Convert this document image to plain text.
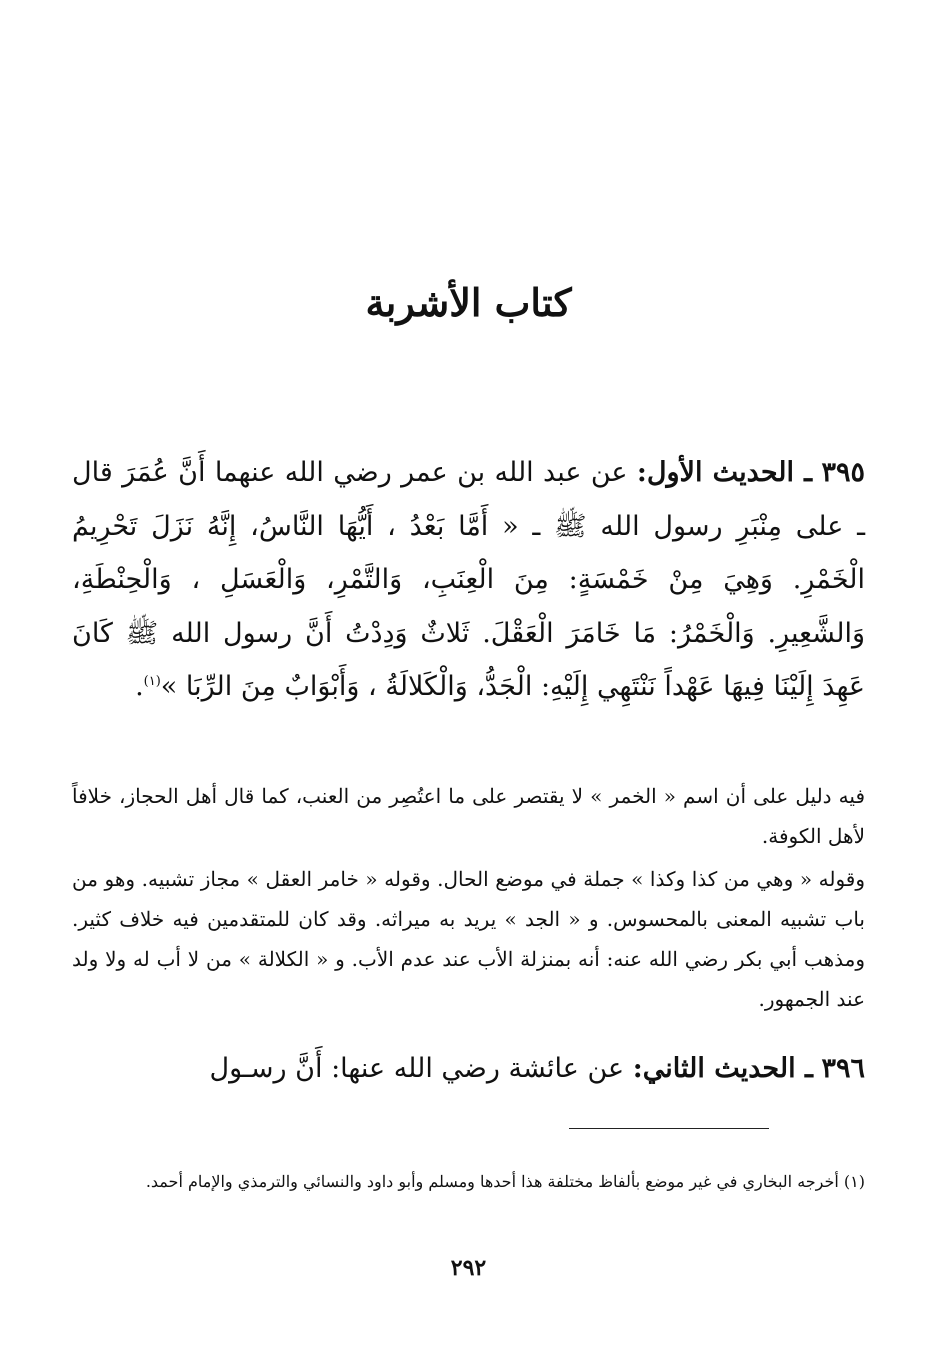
كتاب الأشربة

٣٩٥ ـ الحديث الأول: عن عبد الله بن عمر رضي الله عنهما أَنَّ عُمَرَ قال ـ على مِنْبَرِ رسول الله ﷺ ـ « أَمَّا بَعْدُ ، أَيُّهَا النَّاسُ، إِنَّهُ نَزَلَ تَحْرِيمُ الْخَمْرِ. وَهِيَ مِنْ خَمْسَةٍ: مِنَ الْعِنَبِ، وَالتَّمْرِ، وَالْعَسَلِ ، وَالْحِنْطَةِ، وَالشَّعِيرِ. وَالْخَمْرُ: مَا خَامَرَ الْعَقْلَ. ثَلاثٌ وَدِدْتُ أَنَّ رسول الله ﷺ كَانَ عَهِدَ إِلَيْنَا فِيهَا عَهْداً نَنْتَهِي إِلَيْهِ: الْجَدُّ، وَالْكَلالَةُ ، وَأَبْوَابٌ مِنَ الرِّبَا »$^{(١)}$.

فيه دليل على أن اسم « الخمر » لا يقتصر على ما اعتُصِر من العنب، كما قال أهل الحجاز، خلافاً لأهل الكوفة.

وقوله « وهي من كذا وكذا » جملة في موضع الحال. وقوله « خامر العقل » مجاز تشبيه. وهو من باب تشبيه المعنى بالمحسوس. و « الجد » يريد به ميراثه. وقد كان للمتقدمين فيه خلاف كثير. ومذهب أبي بكر رضي الله عنه: أنه بمنزلة الأب عند عدم الأب. و « الكلالة » من لا أب له ولا ولد عند الجمهور.

٣٩٦ ـ الحديث الثاني: عن عائشة رضي الله عنها: أَنَّ رسـول

(١) أخرجه البخاري في غير موضع بألفاظ مختلفة هذا أحدها ومسلم وأبو داود والنسائي والترمذي والإمام أحمد.

٢٩٢
